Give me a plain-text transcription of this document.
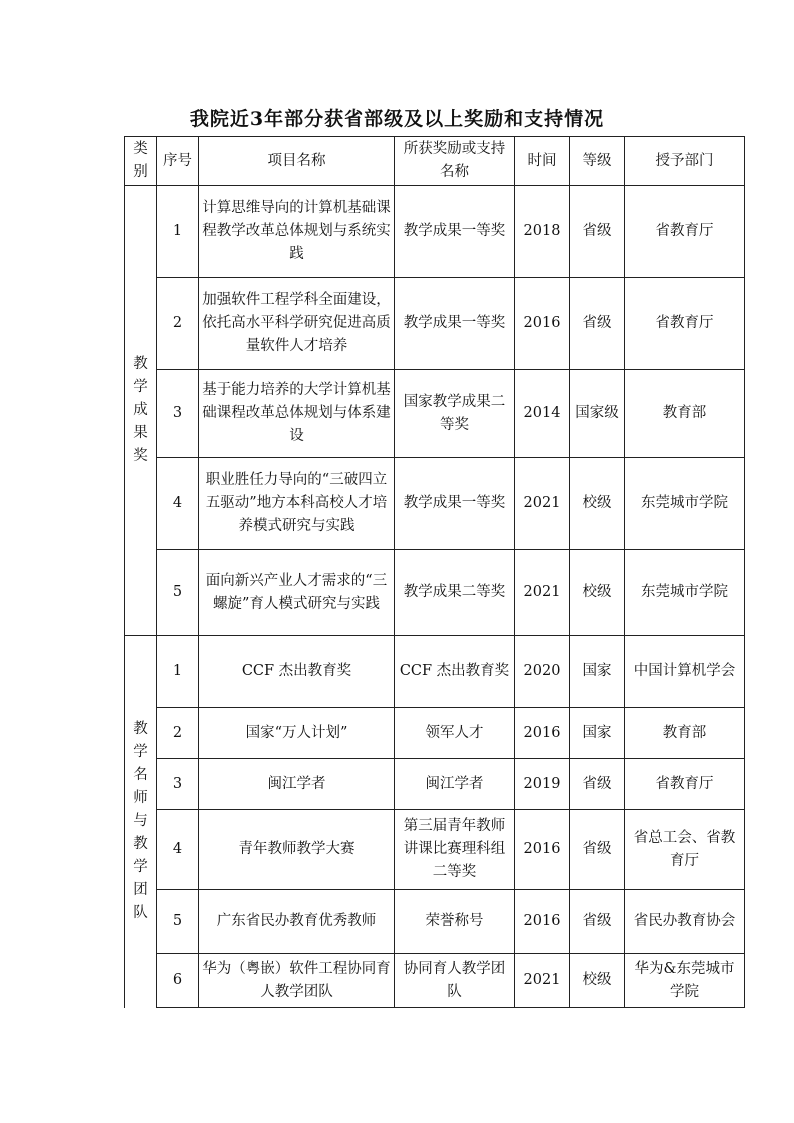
我院近3年部分获省部级及以上奖励和支持情况
类别	序号	项目名称	所获奖励或支持名称	时间	等级	授予部门
教学成果奖	1	计算思维导向的计算机基础课程教学改革总体规划与系统实践	教学成果一等奖	2018	省级	省教育厅
	2	加强软件工程学科全面建设，依托高水平科学研究促进高质量软件人才培养	教学成果一等奖	2016	省级	省教育厅
	3	基于能力培养的大学计算机基础课程改革总体规划与体系建设	国家教学成果二等奖	2014	国家级	教育部
	4	职业胜任力导向的“三破四立五驱动”地方本科高校人才培养模式研究与实践	教学成果一等奖	2021	校级	东莞城市学院
	5	面向新兴产业人才需求的“三螺旋”育人模式研究与实践	教学成果二等奖	2021	校级	东莞城市学院
教学名师与教学团队	1	CCF 杰出教育奖	CCF 杰出教育奖	2020	国家	中国计算机学会
	2	国家“万人计划”	领军人才	2016	国家	教育部
	3	闽江学者	闽江学者	2019	省级	省教育厅
	4	青年教师教学大赛	第三届青年教师讲课比赛理科组二等奖	2016	省级	省总工会、省教育厅
	5	广东省民办教育优秀教师	荣誉称号	2016	省级	省民办教育协会
	6	华为（粤嵌）软件工程协同育人教学团队	协同育人教学团队	2021	校级	华为&东莞城市学院
